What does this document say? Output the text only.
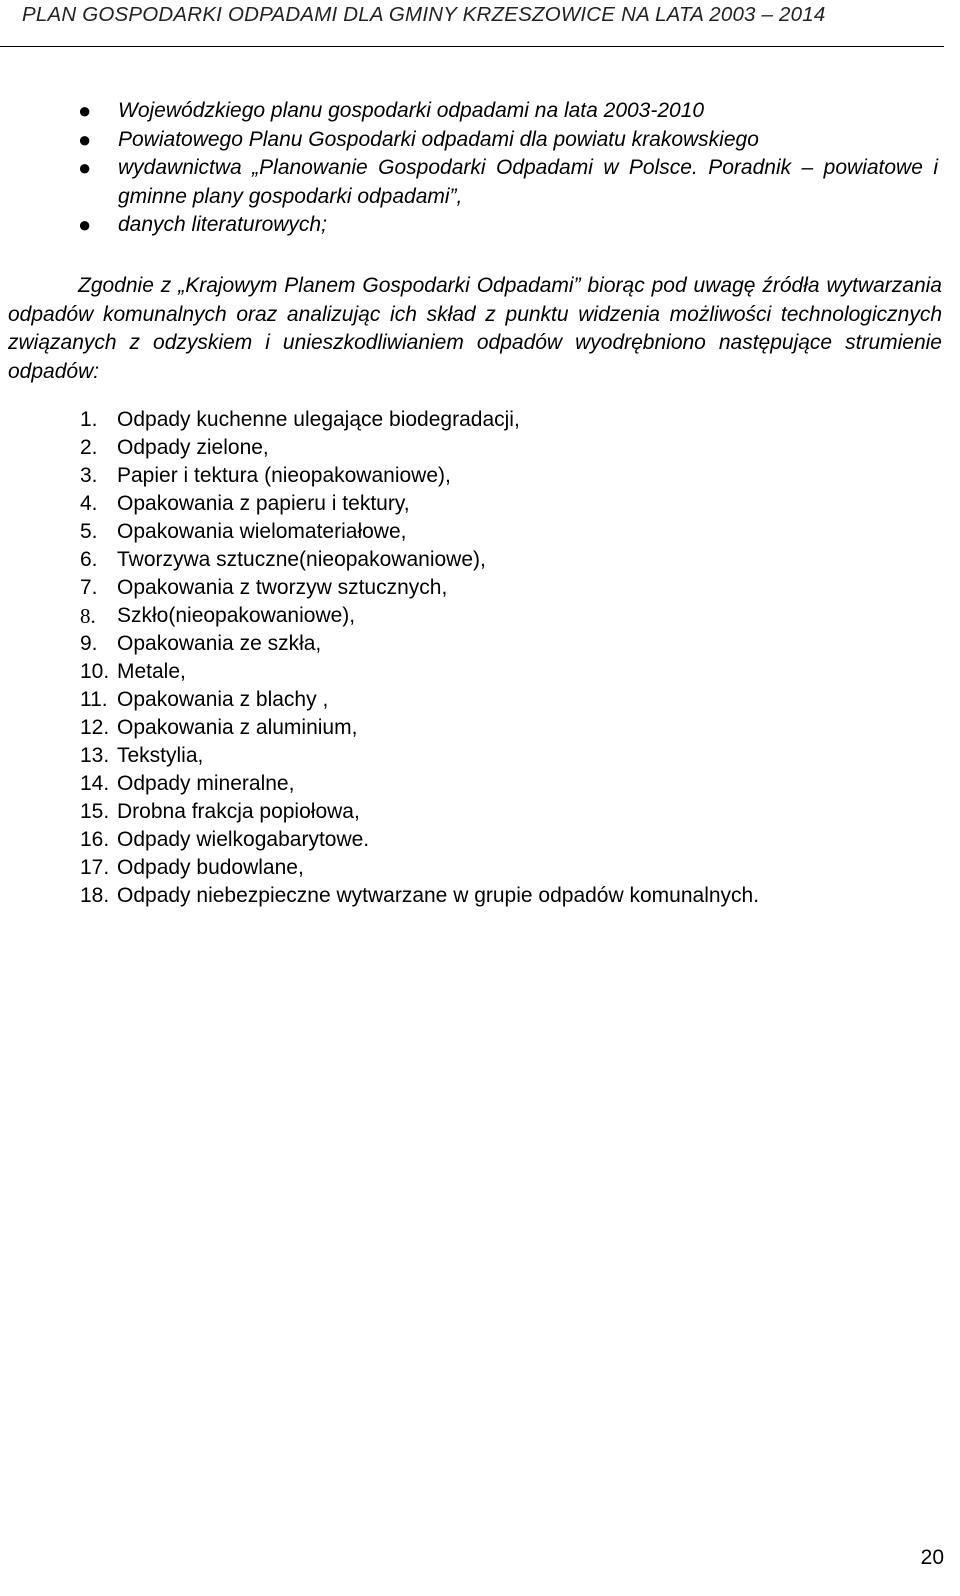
PLAN GOSPODARKI ODPADAMI DLA GMINY KRZESZOWICE NA LATA 2003 – 2014
● Wojewódzkiego planu gospodarki odpadami na lata 2003-2010
● Powiatowego Planu Gospodarki odpadami dla powiatu krakowskiego
● wydawnictwa „Planowanie Gospodarki Odpadami w Polsce. Poradnik – powiatowe i gminne plany gospodarki odpadami”,
● danych literaturowych;

Zgodnie z „Krajowym Planem Gospodarki Odpadami” biorąc pod uwagę źródła wytwarzania odpadów komunalnych oraz analizując ich skład z punktu widzenia możliwości technologicznych związanych z odzyskiem i unieszkodliwianiem odpadów wyodrębniono następujące strumienie odpadów:

1. Odpady kuchenne ulegające biodegradacji,
2. Odpady zielone,
3. Papier i tektura (nieopakowaniowe),
4. Opakowania z papieru i tektury,
5. Opakowania wielomateriałowe,
6. Tworzywa sztuczne(nieopakowaniowe),
7. Opakowania z tworzyw sztucznych,
8. Szkło(nieopakowaniowe),
9. Opakowania ze szkła,
10. Metale,
11. Opakowania z blachy ,
12. Opakowania z aluminium,
13. Tekstylia,
14. Odpady mineralne,
15. Drobna frakcja popiołowa,
16. Odpady wielkogabarytowe.
17. Odpady budowlane,
18. Odpady niebezpieczne wytwarzane w grupie odpadów komunalnych.
20
